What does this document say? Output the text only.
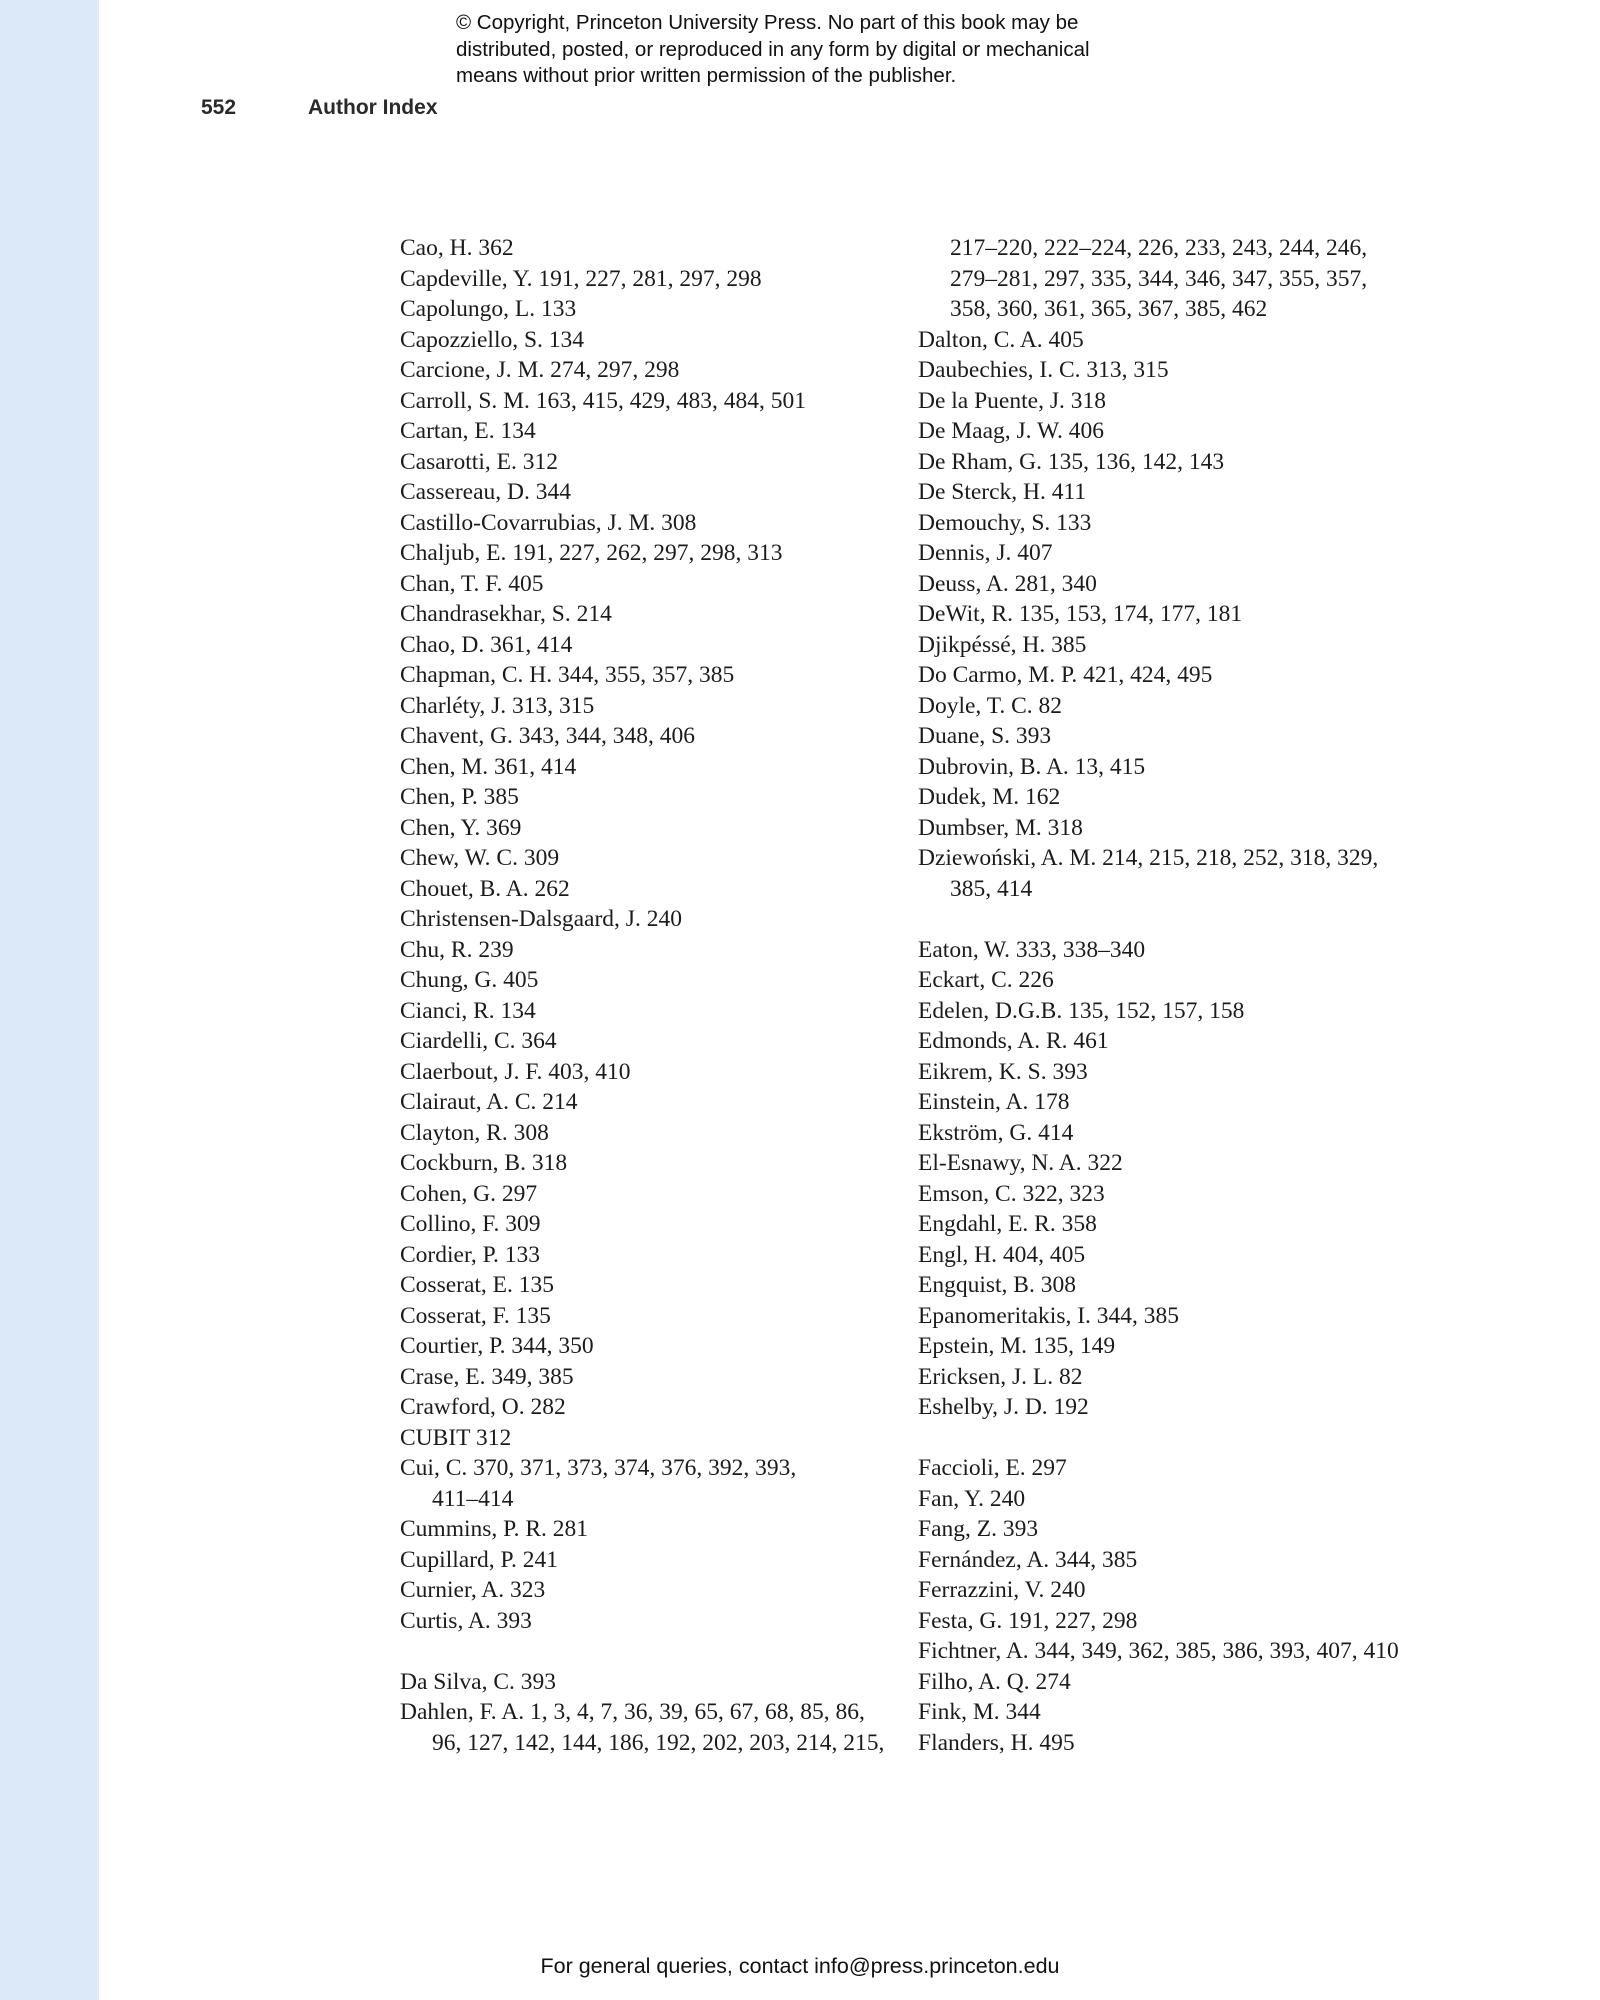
© Copyright, Princeton University Press. No part of this book may be
distributed, posted, or reproduced in any form by digital or mechanical
means without prior written permission of the publisher.
552	Author Index
Cao, H. 362
Capdeville, Y. 191, 227, 281, 297, 298
Capolungo, L. 133
Capozziello, S. 134
Carcione, J. M. 274, 297, 298
Carroll, S. M. 163, 415, 429, 483, 484, 501
Cartan, E. 134
Casarotti, E. 312
Cassereau, D. 344
Castillo-Covarrubias, J. M. 308
Chaljub, E. 191, 227, 262, 297, 298, 313
Chan, T. F. 405
Chandrasekhar, S. 214
Chao, D. 361, 414
Chapman, C. H. 344, 355, 357, 385
Charléty, J. 313, 315
Chavent, G. 343, 344, 348, 406
Chen, M. 361, 414
Chen, P. 385
Chen, Y. 369
Chew, W. C. 309
Chouet, B. A. 262
Christensen-Dalsgaard, J. 240
Chu, R. 239
Chung, G. 405
Cianci, R. 134
Ciardelli, C. 364
Claerbout, J. F. 403, 410
Clairaut, A. C. 214
Clayton, R. 308
Cockburn, B. 318
Cohen, G. 297
Collino, F. 309
Cordier, P. 133
Cosserat, E. 135
Cosserat, F. 135
Courtier, P. 344, 350
Crase, E. 349, 385
Crawford, O. 282
CUBIT 312
Cui, C. 370, 371, 373, 374, 376, 392, 393,
411–414
Cummins, P. R. 281
Cupillard, P. 241
Curnier, A. 323
Curtis, A. 393
Da Silva, C. 393
Dahlen, F. A. 1, 3, 4, 7, 36, 39, 65, 67, 68, 85, 86,
96, 127, 142, 144, 186, 192, 202, 203, 214, 215,
217–220, 222–224, 226, 233, 243, 244, 246,
279–281, 297, 335, 344, 346, 347, 355, 357,
358, 360, 361, 365, 367, 385, 462
Dalton, C. A. 405
Daubechies, I. C. 313, 315
De la Puente, J. 318
De Maag, J. W. 406
De Rham, G. 135, 136, 142, 143
De Sterck, H. 411
Demouchy, S. 133
Dennis, J. 407
Deuss, A. 281, 340
DeWit, R. 135, 153, 174, 177, 181
Djikpéssé, H. 385
Do Carmo, M. P. 421, 424, 495
Doyle, T. C. 82
Duane, S. 393
Dubrovin, B. A. 13, 415
Dudek, M. 162
Dumbser, M. 318
Dziewoński, A. M. 214, 215, 218, 252, 318, 329,
385, 414
Eaton, W. 333, 338–340
Eckart, C. 226
Edelen, D.G.B. 135, 152, 157, 158
Edmonds, A. R. 461
Eikrem, K. S. 393
Einstein, A. 178
Ekström, G. 414
El-Esnawy, N. A. 322
Emson, C. 322, 323
Engdahl, E. R. 358
Engl, H. 404, 405
Engquist, B. 308
Epanomeritakis, I. 344, 385
Epstein, M. 135, 149
Ericksen, J. L. 82
Eshelby, J. D. 192
Faccioli, E. 297
Fan, Y. 240
Fang, Z. 393
Fernández, A. 344, 385
Ferrazzini, V. 240
Festa, G. 191, 227, 298
Fichtner, A. 344, 349, 362, 385, 386, 393, 407, 410
Filho, A. Q. 274
Fink, M. 344
Flanders, H. 495
For general queries, contact info@press.princeton.edu
